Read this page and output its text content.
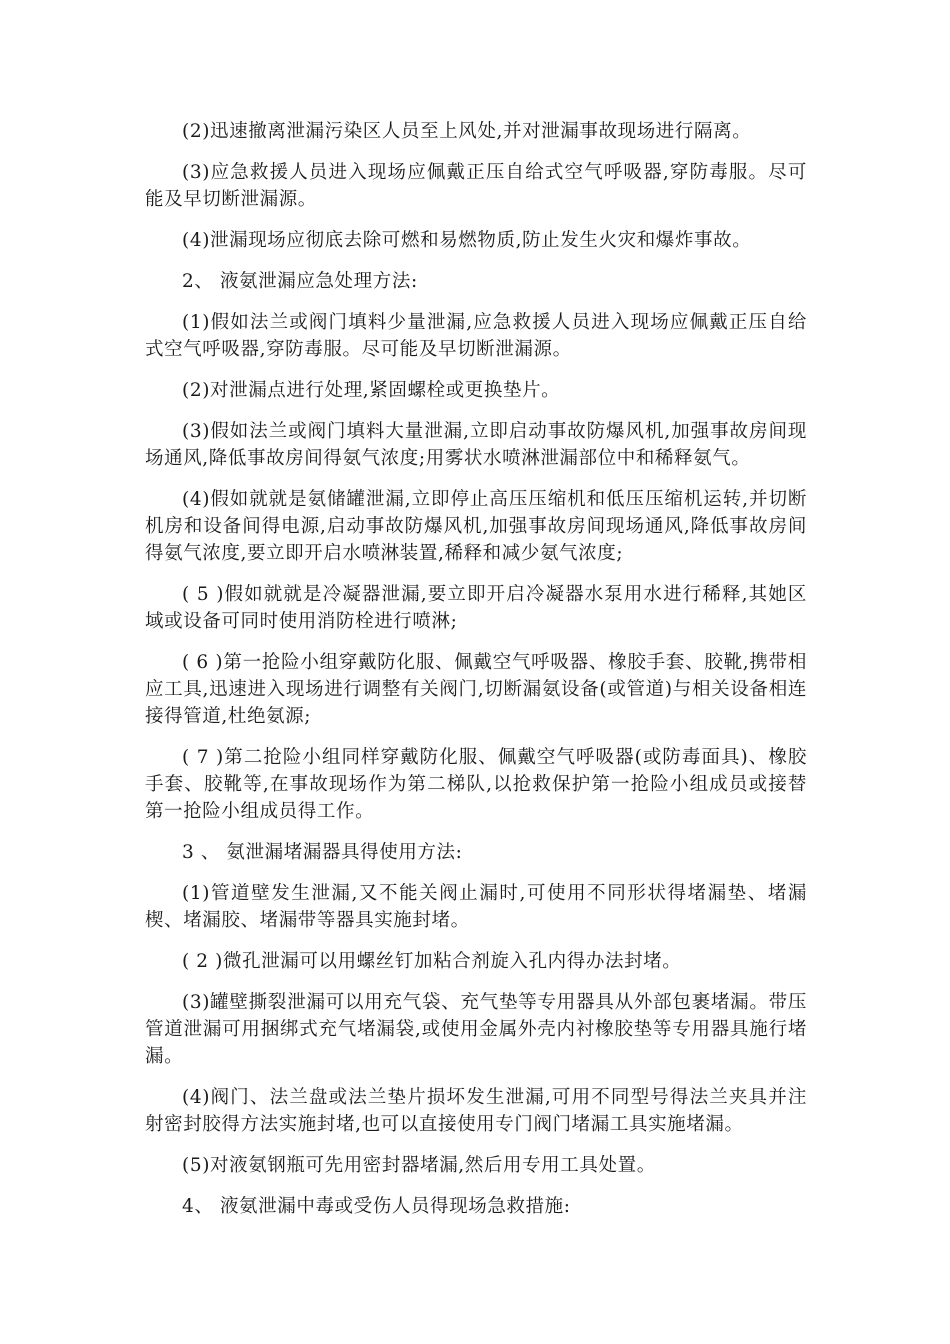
(2)迅速撤离泄漏污染区人员至上风处,并对泄漏事故现场进行隔离。

(3)应急救援人员进入现场应佩戴正压自给式空气呼吸器,穿防毒服。尽可能及早切断泄漏源。

(4)泄漏现场应彻底去除可燃和易燃物质,防止发生火灾和爆炸事故。

2、 液氨泄漏应急处理方法:

(1)假如法兰或阀门填料少量泄漏,应急救援人员进入现场应佩戴正压自给式空气呼吸器,穿防毒服。尽可能及早切断泄漏源。

(2)对泄漏点进行处理,紧固螺栓或更换垫片。

(3)假如法兰或阀门填料大量泄漏,立即启动事故防爆风机,加强事故房间现场通风,降低事故房间得氨气浓度;用雾状水喷淋泄漏部位中和稀释氨气。

(4)假如就就是氨储罐泄漏,立即停止高压压缩机和低压压缩机运转,并切断机房和设备间得电源,启动事故防爆风机,加强事故房间现场通风,降低事故房间得氨气浓度,要立即开启水喷淋装置,稀释和减少氨气浓度;

( 5 )假如就就是冷凝器泄漏,要立即开启冷凝器水泵用水进行稀释,其她区域或设备可同时使用消防栓进行喷淋;

( 6 )第一抢险小组穿戴防化服、佩戴空气呼吸器、橡胶手套、胶靴,携带相应工具,迅速进入现场进行调整有关阀门,切断漏氨设备(或管道)与相关设备相连接得管道,杜绝氨源;

( 7 )第二抢险小组同样穿戴防化服、佩戴空气呼吸器(或防毒面具)、橡胶手套、胶靴等,在事故现场作为第二梯队,以抢救保护第一抢险小组成员或接替第一抢险小组成员得工作。

3 、 氨泄漏堵漏器具得使用方法:

(1)管道壁发生泄漏,又不能关阀止漏时,可使用不同形状得堵漏垫、堵漏楔、堵漏胶、堵漏带等器具实施封堵。

( 2 )微孔泄漏可以用螺丝钉加粘合剂旋入孔内得办法封堵。

(3)罐壁撕裂泄漏可以用充气袋、充气垫等专用器具从外部包裹堵漏。带压管道泄漏可用捆绑式充气堵漏袋,或使用金属外壳内衬橡胶垫等专用器具施行堵漏。

(4)阀门、法兰盘或法兰垫片损坏发生泄漏,可用不同型号得法兰夹具并注射密封胶得方法实施封堵,也可以直接使用专门阀门堵漏工具实施堵漏。

(5)对液氨钢瓶可先用密封器堵漏,然后用专用工具处置。

4、 液氨泄漏中毒或受伤人员得现场急救措施:
